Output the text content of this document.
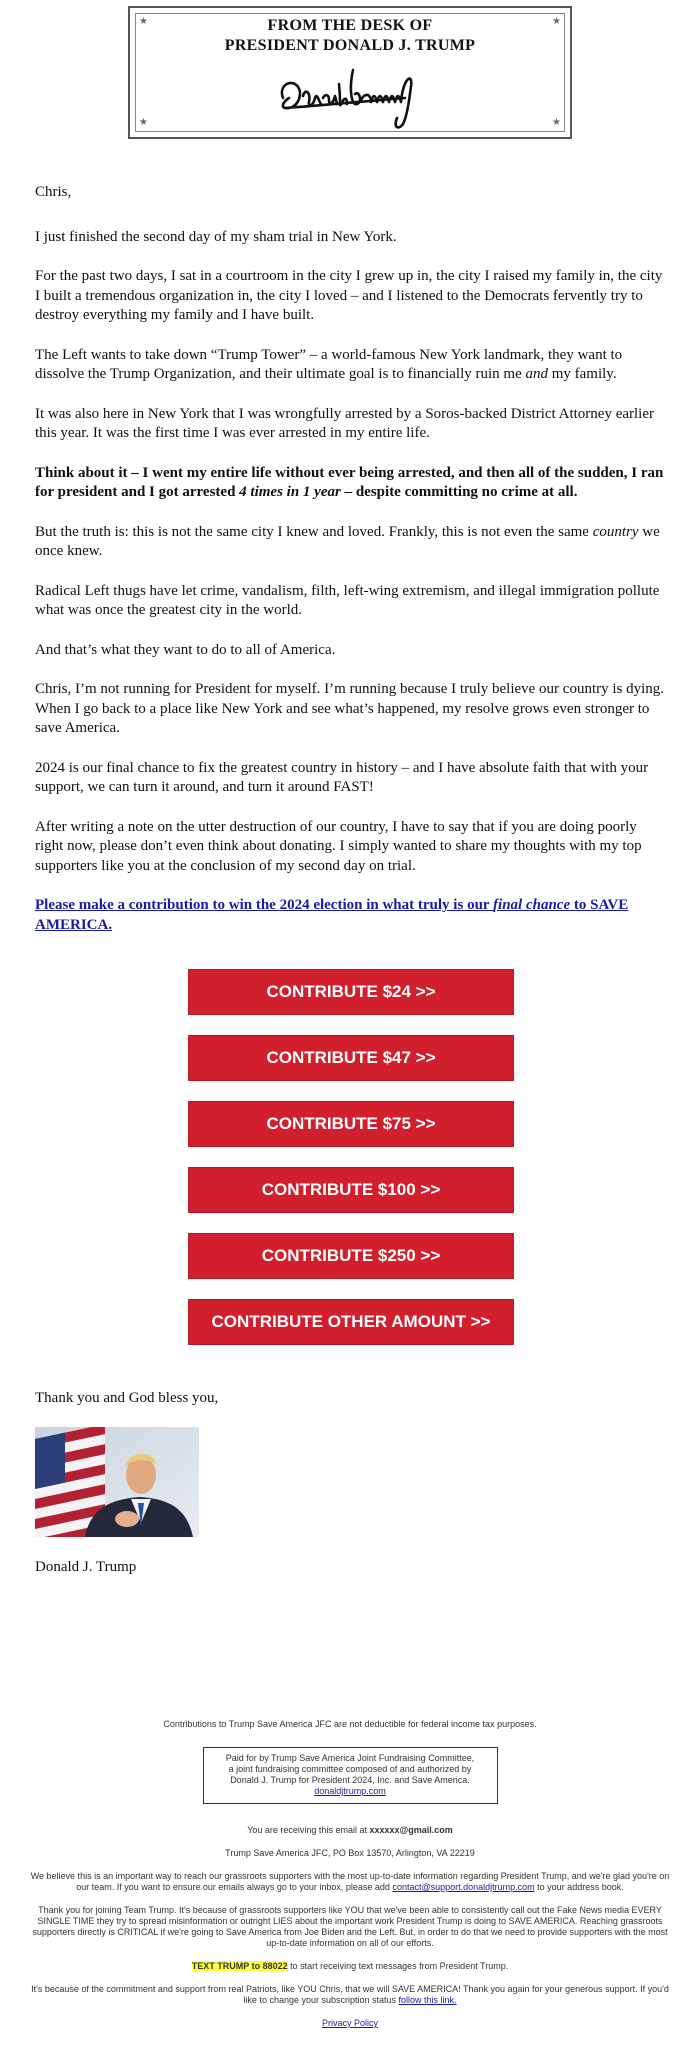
★	★
★	★
FROM THE DESK OF
PRESIDENT DONALD J. TRUMP

Chris,

I just finished the second day of my sham trial in New York.

For the past two days, I sat in a courtroom in the city I grew up in, the city I raised my family in, the city I built a tremendous organization in, the city I loved – and I listened to the Democrats fervently try to destroy everything my family and I have built.

The Left wants to take down “Trump Tower” – a world-famous New York landmark, they want to dissolve the Trump Organization, and their ultimate goal is to financially ruin me and my family.

It was also here in New York that I was wrongfully arrested by a Soros-backed District Attorney earlier this year. It was the first time I was ever arrested in my entire life.

Think about it – I went my entire life without ever being arrested, and then all of the sudden, I ran for president and I got arrested 4 times in 1 year – despite committing no crime at all.

But the truth is: this is not the same city I knew and loved. Frankly, this is not even the same country we once knew.

Radical Left thugs have let crime, vandalism, filth, left-wing extremism, and illegal immigration pollute what was once the greatest city in the world.

And that’s what they want to do to all of America.

Chris, I’m not running for President for myself. I’m running because I truly believe our country is dying. When I go back to a place like New York and see what’s happened, my resolve grows even stronger to save America.

2024 is our final chance to fix the greatest country in history – and I have absolute faith that with your support, we can turn it around, and turn it around FAST!

After writing a note on the utter destruction of our country, I have to say that if you are doing poorly right now, please don’t even think about donating. I simply wanted to share my thoughts with my top supporters like you at the conclusion of my second day on trial.

Please make a contribution to win the 2024 election in what truly is our final chance to SAVE AMERICA.
CONTRIBUTE $24 >>
CONTRIBUTE $47 >>
CONTRIBUTE $75 >>
CONTRIBUTE $100 >>
CONTRIBUTE $250 >>
CONTRIBUTE OTHER AMOUNT >>
Thank you and God bless you,
Donald J. Trump

Contributions to Trump Save America JFC are not deductible for federal income tax purposes.

Paid for by Trump Save America Joint Fundraising Committee,
a joint fundraising committee composed of and authorized by
Donald J. Trump for President 2024, Inc. and Save America.
donaldjtrump.com

You are receiving this email at xxxxxx@gmail.com

Trump Save America JFC, PO Box 13570, Arlington, VA 22219

We believe this is an important way to reach our grassroots supporters with the most up-to-date information regarding President Trump, and we're glad you're on our team. If you want to ensure our emails always go to your inbox, please add contact@support.donaldjtrump.com to your address book.

Thank you for joining Team Trump. It's because of grassroots supporters like YOU that we've been able to consistently call out the Fake News media EVERY SINGLE TIME they try to spread misinformation or outright LIES about the important work President Trump is doing to SAVE AMERICA. Reaching grassroots supporters directly is CRITICAL if we're going to Save America from Joe Biden and the Left. But, in order to do that we need to provide supporters with the most up-to-date information on all of our efforts.

TEXT TRUMP to 88022 to start receiving text messages from President Trump.

It's because of the commitment and support from real Patriots, like YOU Chris, that we will SAVE AMERICA! Thank you again for your generous support. If you'd like to change your subscription status follow this link.

Privacy Policy
